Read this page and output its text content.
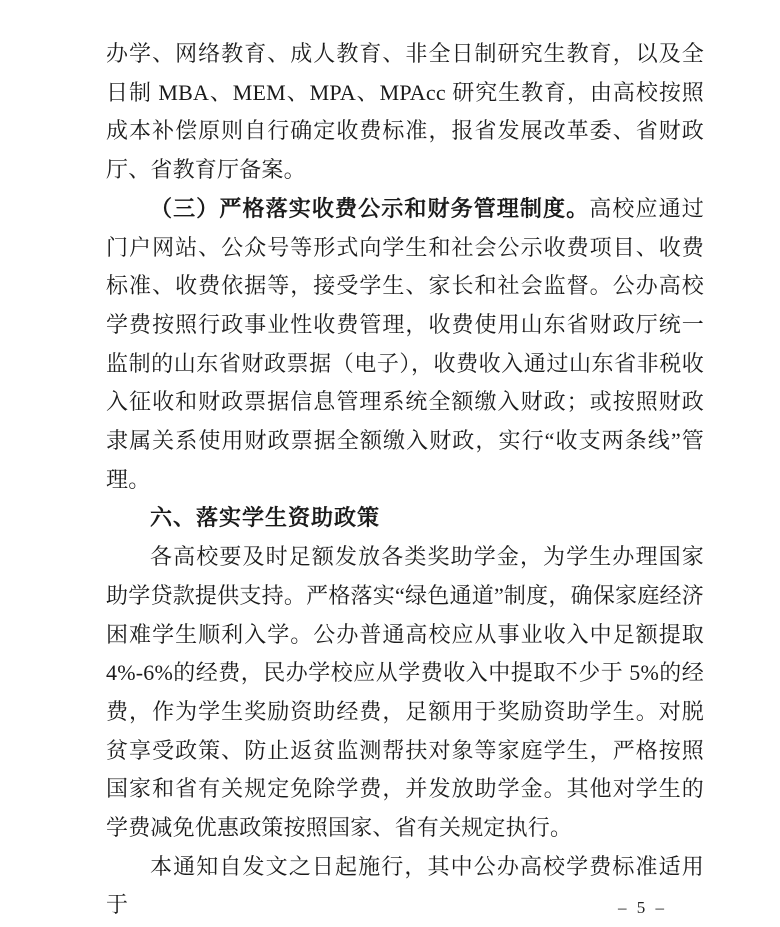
办学、网络教育、成人教育、非全日制研究生教育，以及全日制 MBA、MEM、MPA、MPAcc 研究生教育，由高校按照成本补偿原则自行确定收费标准，报省发展改革委、省财政厅、省教育厅备案。

（三）严格落实收费公示和财务管理制度。高校应通过门户网站、公众号等形式向学生和社会公示收费项目、收费标准、收费依据等，接受学生、家长和社会监督。公办高校学费按照行政事业性收费管理，收费使用山东省财政厅统一监制的山东省财政票据（电子），收费收入通过山东省非税收入征收和财政票据信息管理系统全额缴入财政；或按照财政隶属关系使用财政票据全额缴入财政，实行“收支两条线”管理。

六、落实学生资助政策

各高校要及时足额发放各类奖助学金，为学生办理国家助学贷款提供支持。严格落实“绿色通道”制度，确保家庭经济困难学生顺利入学。公办普通高校应从事业收入中足额提取4%-6%的经费，民办学校应从学费收入中提取不少于 5%的经费，作为学生奖励资助经费，足额用于奖励资助学生。对脱贫享受政策、防止返贫监测帮扶对象等家庭学生，严格按照国家和省有关规定免除学费，并发放助学金。其他对学生的学费减免优惠政策按照国家、省有关规定执行。

本通知自发文之日起施行，其中公办高校学费标准适用于	– 5 –
